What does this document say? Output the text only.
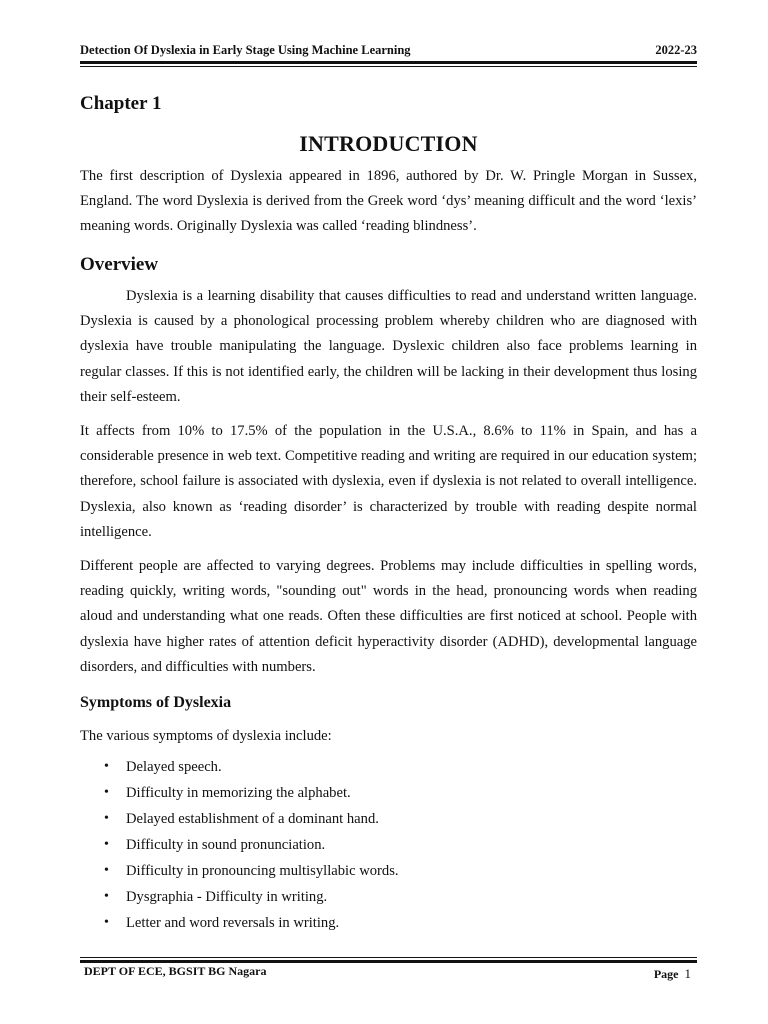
Detection Of Dyslexia in Early Stage Using Machine Learning	2022-23
Chapter 1
INTRODUCTION

The first description of Dyslexia appeared in 1896, authored by Dr. W. Pringle Morgan in Sussex, England. The word Dyslexia is derived from the Greek word ‘dys’ meaning difficult and the word ‘lexis’ meaning words. Originally Dyslexia was called ‘reading blindness’.

Overview

Dyslexia is a learning disability that causes difficulties to read and understand written language. Dyslexia is caused by a phonological processing problem whereby children who are diagnosed with dyslexia have trouble manipulating the language. Dyslexic children also face problems learning in regular classes. If this is not identified early, the children will be lacking in their development thus losing their self-esteem.

It affects from 10% to 17.5% of the population in the U.S.A., 8.6% to 11% in Spain, and has a considerable presence in web text. Competitive reading and writing are required in our education system; therefore, school failure is associated with dyslexia, even if dyslexia is not related to overall intelligence. Dyslexia, also known as ‘reading disorder’ is characterized by trouble with reading despite normal intelligence.

Different people are affected to varying degrees. Problems may include difficulties in spelling words, reading quickly, writing words, "sounding out" words in the head, pronouncing words when reading aloud and understanding what one reads. Often these difficulties are first noticed at school. People with dyslexia have higher rates of attention deficit hyperactivity disorder (ADHD), developmental language disorders, and difficulties with numbers.

Symptoms of Dyslexia

The various symptoms of dyslexia include:

• Delayed speech.
• Difficulty in memorizing the alphabet.
• Delayed establishment of a dominant hand.
• Difficulty in sound pronunciation.
• Difficulty in pronouncing multisyllabic words.
• Dysgraphia - Difficulty in writing.
• Letter and word reversals in writing.
DEPT OF ECE, BGSIT BG Nagara	Page 1
